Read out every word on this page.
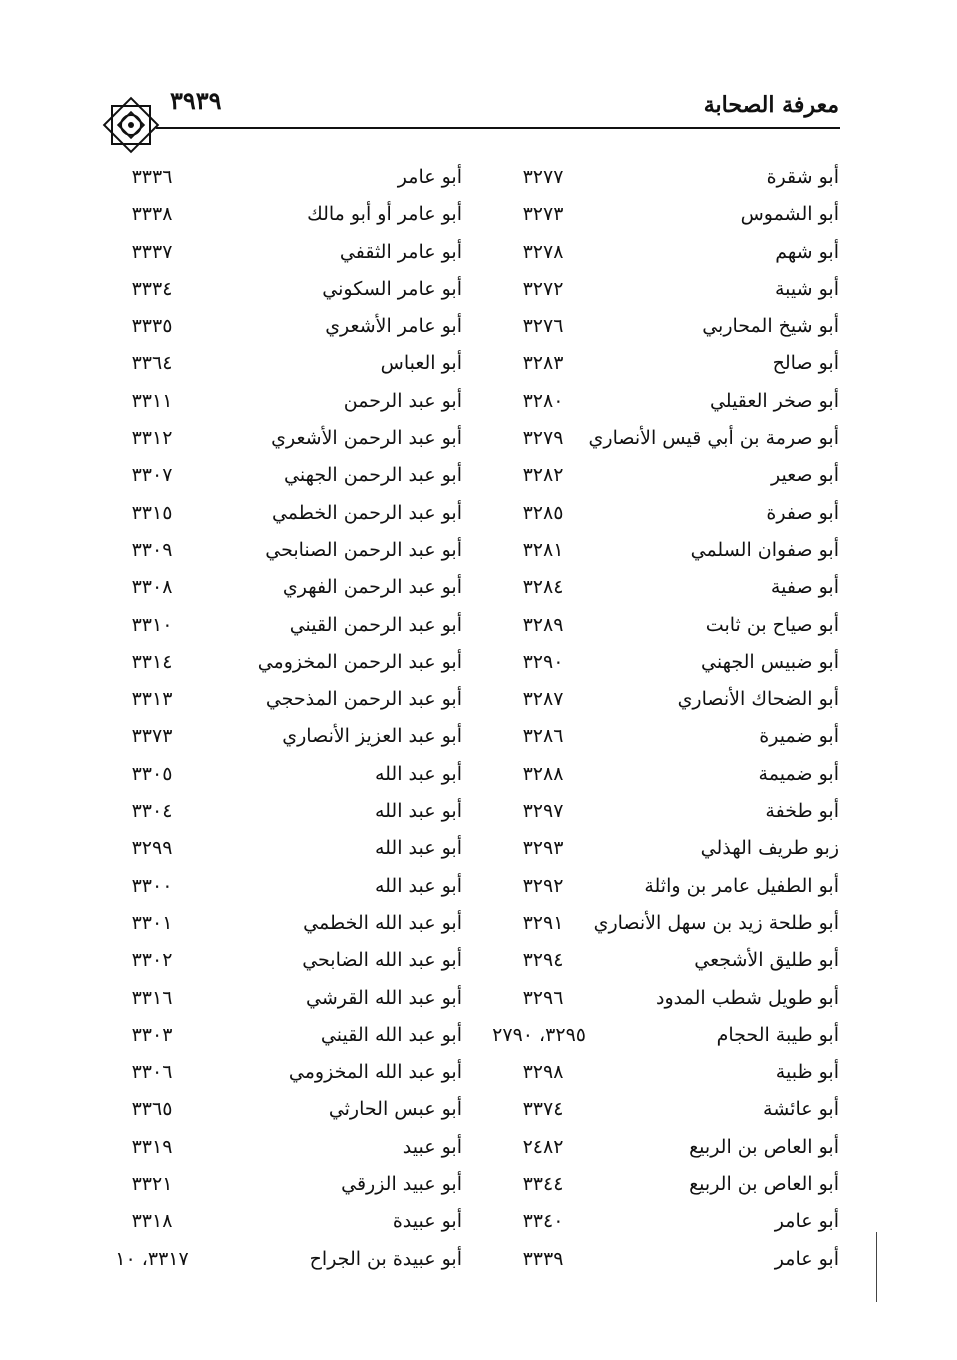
معرفة الصحابة
٣٩٣٩
أبو شقرة
٣٢٧٧
أبو عامر
٣٣٣٦
أبو الشموس
٣٢٧٣
أبو عامر أو أبو مالك
٣٣٣٨
أبو شهم
٣٢٧٨
أبو عامر الثقفي
٣٣٣٧
أبو شيبة
٣٢٧٢
أبو عامر السكوني
٣٣٣٤
أبو شيخ المحاربي
٣٢٧٦
أبو عامر الأشعري
٣٣٣٥
أبو صالح
٣٢٨٣
أبو العباس
٣٣٦٤
أبو صخر العقيلي
٣٢٨٠
أبو عبد الرحمن
٣٣١١
أبو صرمة بن أبي قيس الأنصاري
٣٢٧٩
أبو عبد الرحمن الأشعري
٣٣١٢
أبو صعير
٣٢٨٢
أبو عبد الرحمن الجهني
٣٣٠٧
أبو صفرة
٣٢٨٥
أبو عبد الرحمن الخطمي
٣٣١٥
أبو صفوان السلمي
٣٢٨١
أبو عبد الرحمن الصنابحي
٣٣٠٩
أبو صفية
٣٢٨٤
أبو عبد الرحمن الفهري
٣٣٠٨
أبو صياح بن ثابت
٣٢٨٩
أبو عبد الرحمن القيني
٣٣١٠
أبو ضبيس الجهني
٣٢٩٠
أبو عبد الرحمن المخزومي
٣٣١٤
أبو الضحاك الأنصاري
٣٢٨٧
أبو عبد الرحمن المذحجي
٣٣١٣
أبو ضميرة
٣٢٨٦
أبو عبد العزيز الأنصاري
٣٣٧٣
أبو ضميمة
٣٢٨٨
أبو عبد الله
٣٣٠٥
أبو طخفة
٣٢٩٧
أبو عبد الله
٣٣٠٤
زبو طريف الهذلي
٣٢٩٣
أبو عبد الله
٣٢٩٩
أبو الطفيل عامر بن واثلة
٣٢٩٢
أبو عبد الله
٣٣٠٠
أبو طلحة زيد بن سهل الأنصاري
٣٢٩١
أبو عبد الله الخطمي
٣٣٠١
أبو طليق الأشجعي
٣٢٩٤
أبو عبد الله الضابحي
٣٣٠٢
أبو طويل شطب المدود
٣٢٩٦
أبو عبد الله القرشي
٣٣١٦
أبو طيبة الحجام
٣٢٩٥، ٢٧٩٠
أبو عبد الله القيني
٣٣٠٣
أبو ظبية
٣٢٩٨
أبو عبد الله المخزومي
٣٣٠٦
أبو عائشة
٣٣٧٤
أبو عبس الحارثي
٣٣٦٥
أبو العاص بن الربيع
٢٤٨٢
أبو عبيد
٣٣١٩
أبو العاص بن الربيع
٣٣٤٤
أبو عبيد الزرقي
٣٣٢١
أبو عامر
٣٣٤٠
أبو عبيدة
٣٣١٨
أبو عامر
٣٣٣٩
أبو عبيدة بن الجراح
٣٣١٧، ١٠
